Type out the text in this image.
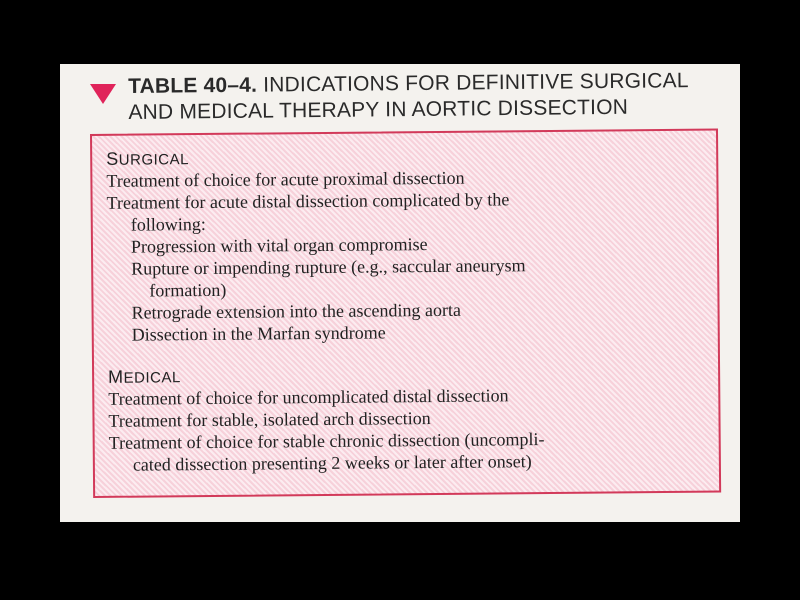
TABLE 40–4. INDICATIONS FOR DEFINITIVE SURGICAL
AND MEDICAL THERAPY IN AORTIC DISSECTION

SURGICAL

Treatment of choice for acute proximal dissection

Treatment for acute distal dissection complicated by the

following:

Progression with vital organ compromise

Rupture or impending rupture (e.g., saccular aneurysm

formation)

Retrograde extension into the ascending aorta

Dissection in the Marfan syndrome

MEDICAL

Treatment of choice for uncomplicated distal dissection

Treatment for stable, isolated arch dissection

Treatment of choice for stable chronic dissection (uncompli-

cated dissection presenting 2 weeks or later after onset)
